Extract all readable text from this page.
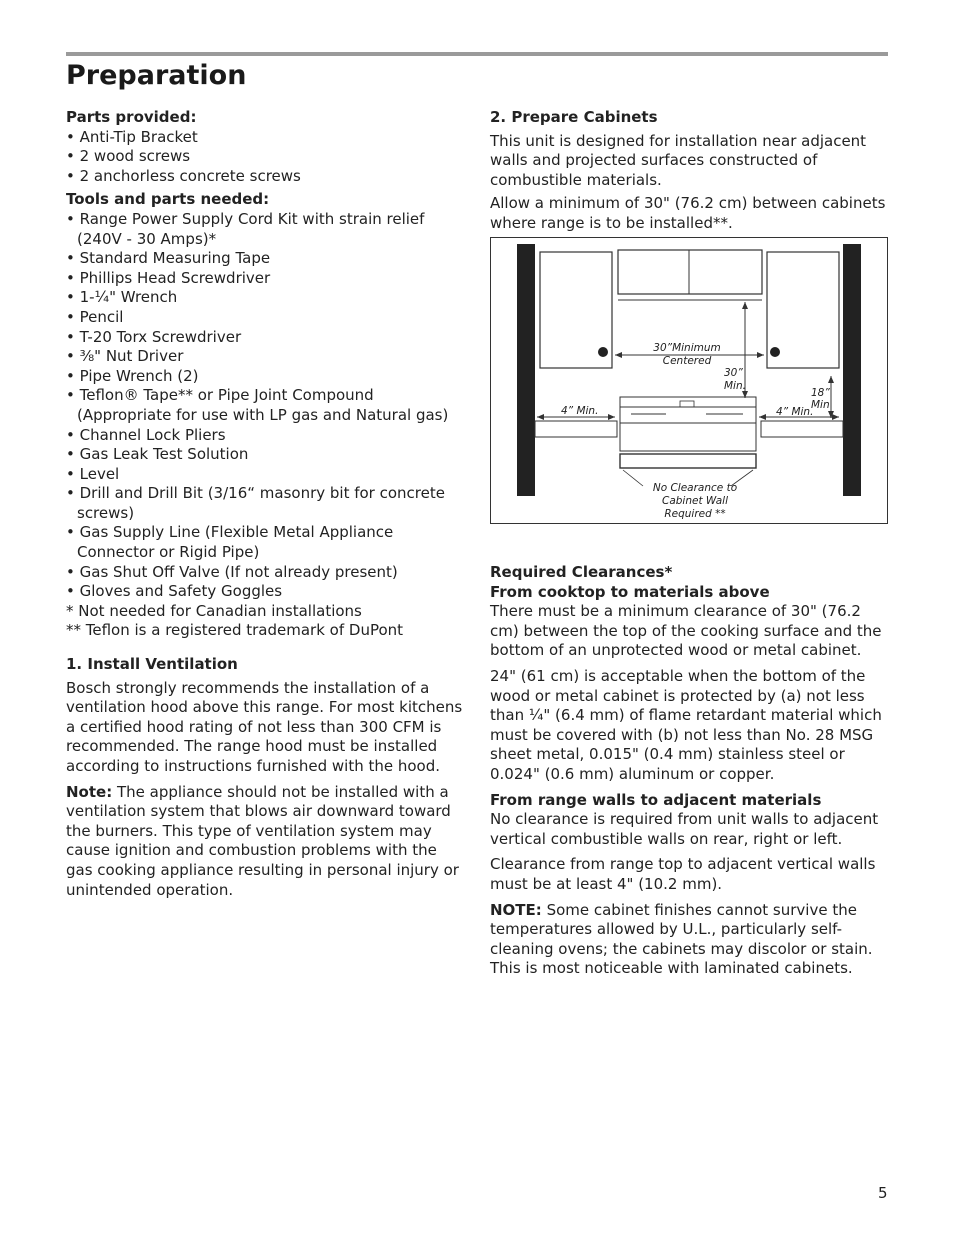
Preparation

Parts provided:

• Anti-Tip Bracket
• 2 wood screws
• 2 anchorless concrete screws

Tools and parts needed:

• Range Power Supply Cord Kit with strain relief (240V - 30 Amps)*
• Standard Measuring Tape
• Phillips Head Screwdriver
• 1-¼" Wrench
• Pencil
• T-20 Torx Screwdriver
• ⅜" Nut Driver
• Pipe Wrench (2)
• Teflon® Tape** or Pipe Joint Compound (Appropriate for use with LP gas and Natural gas)
• Channel Lock Pliers
• Gas Leak Test Solution
• Level
• Drill and Drill Bit (3/16“ masonry bit for concrete screws)
• Gas Supply Line (Flexible Metal Appliance Connector or Rigid Pipe)
• Gas Shut Off Valve (If not already present)
• Gloves and Safety Goggles

* Not needed for Canadian installations

** Teflon is a registered trademark of DuPont

1. Install Ventilation

Bosch strongly recommends the installation of a ventilation hood above this range. For most kitchens a certified hood rating of not less than 300 CFM is recommended. The range hood must be installed according to instructions furnished with the hood.

Note: The appliance should not be installed with a ventilation system that blows air downward toward the burners. This type of ventilation system may cause ignition and combustion problems with the gas cooking appliance resulting in personal injury or unintended operation.

2. Prepare Cabinets

This unit is designed for installation near adjacent walls and projected surfaces constructed of combustible materials.

Allow a minimum of 30" (76.2 cm) between cabinets where range is to be installed**.

30”Minimum
Centered
30”
Min.
18”
Min
4” Min.	4” Min.
No Clearance to
Cabinet Wall
Required **

Required Clearances*

From cooktop to materials above

There must be a minimum clearance of 30" (76.2 cm) between the top of the cooking surface and the bottom of an unprotected wood or metal cabinet.

24" (61 cm) is acceptable when the bottom of the wood or metal cabinet is protected by (a) not less than ¼" (6.4 mm) of flame retardant material which must be covered with (b) not less than No. 28 MSG sheet metal, 0.015" (0.4 mm) stainless steel or 0.024" (0.6 mm) aluminum or copper.

From range walls to adjacent materials

No clearance is required from unit walls to adjacent vertical combustible walls on rear, right or left.

Clearance from range top to adjacent vertical walls must be at least 4" (10.2 mm).

NOTE: Some cabinet finishes cannot survive the temperatures allowed by U.L., particularly self-cleaning ovens; the cabinets may discolor or stain. This is most noticeable with laminated cabinets.

5
